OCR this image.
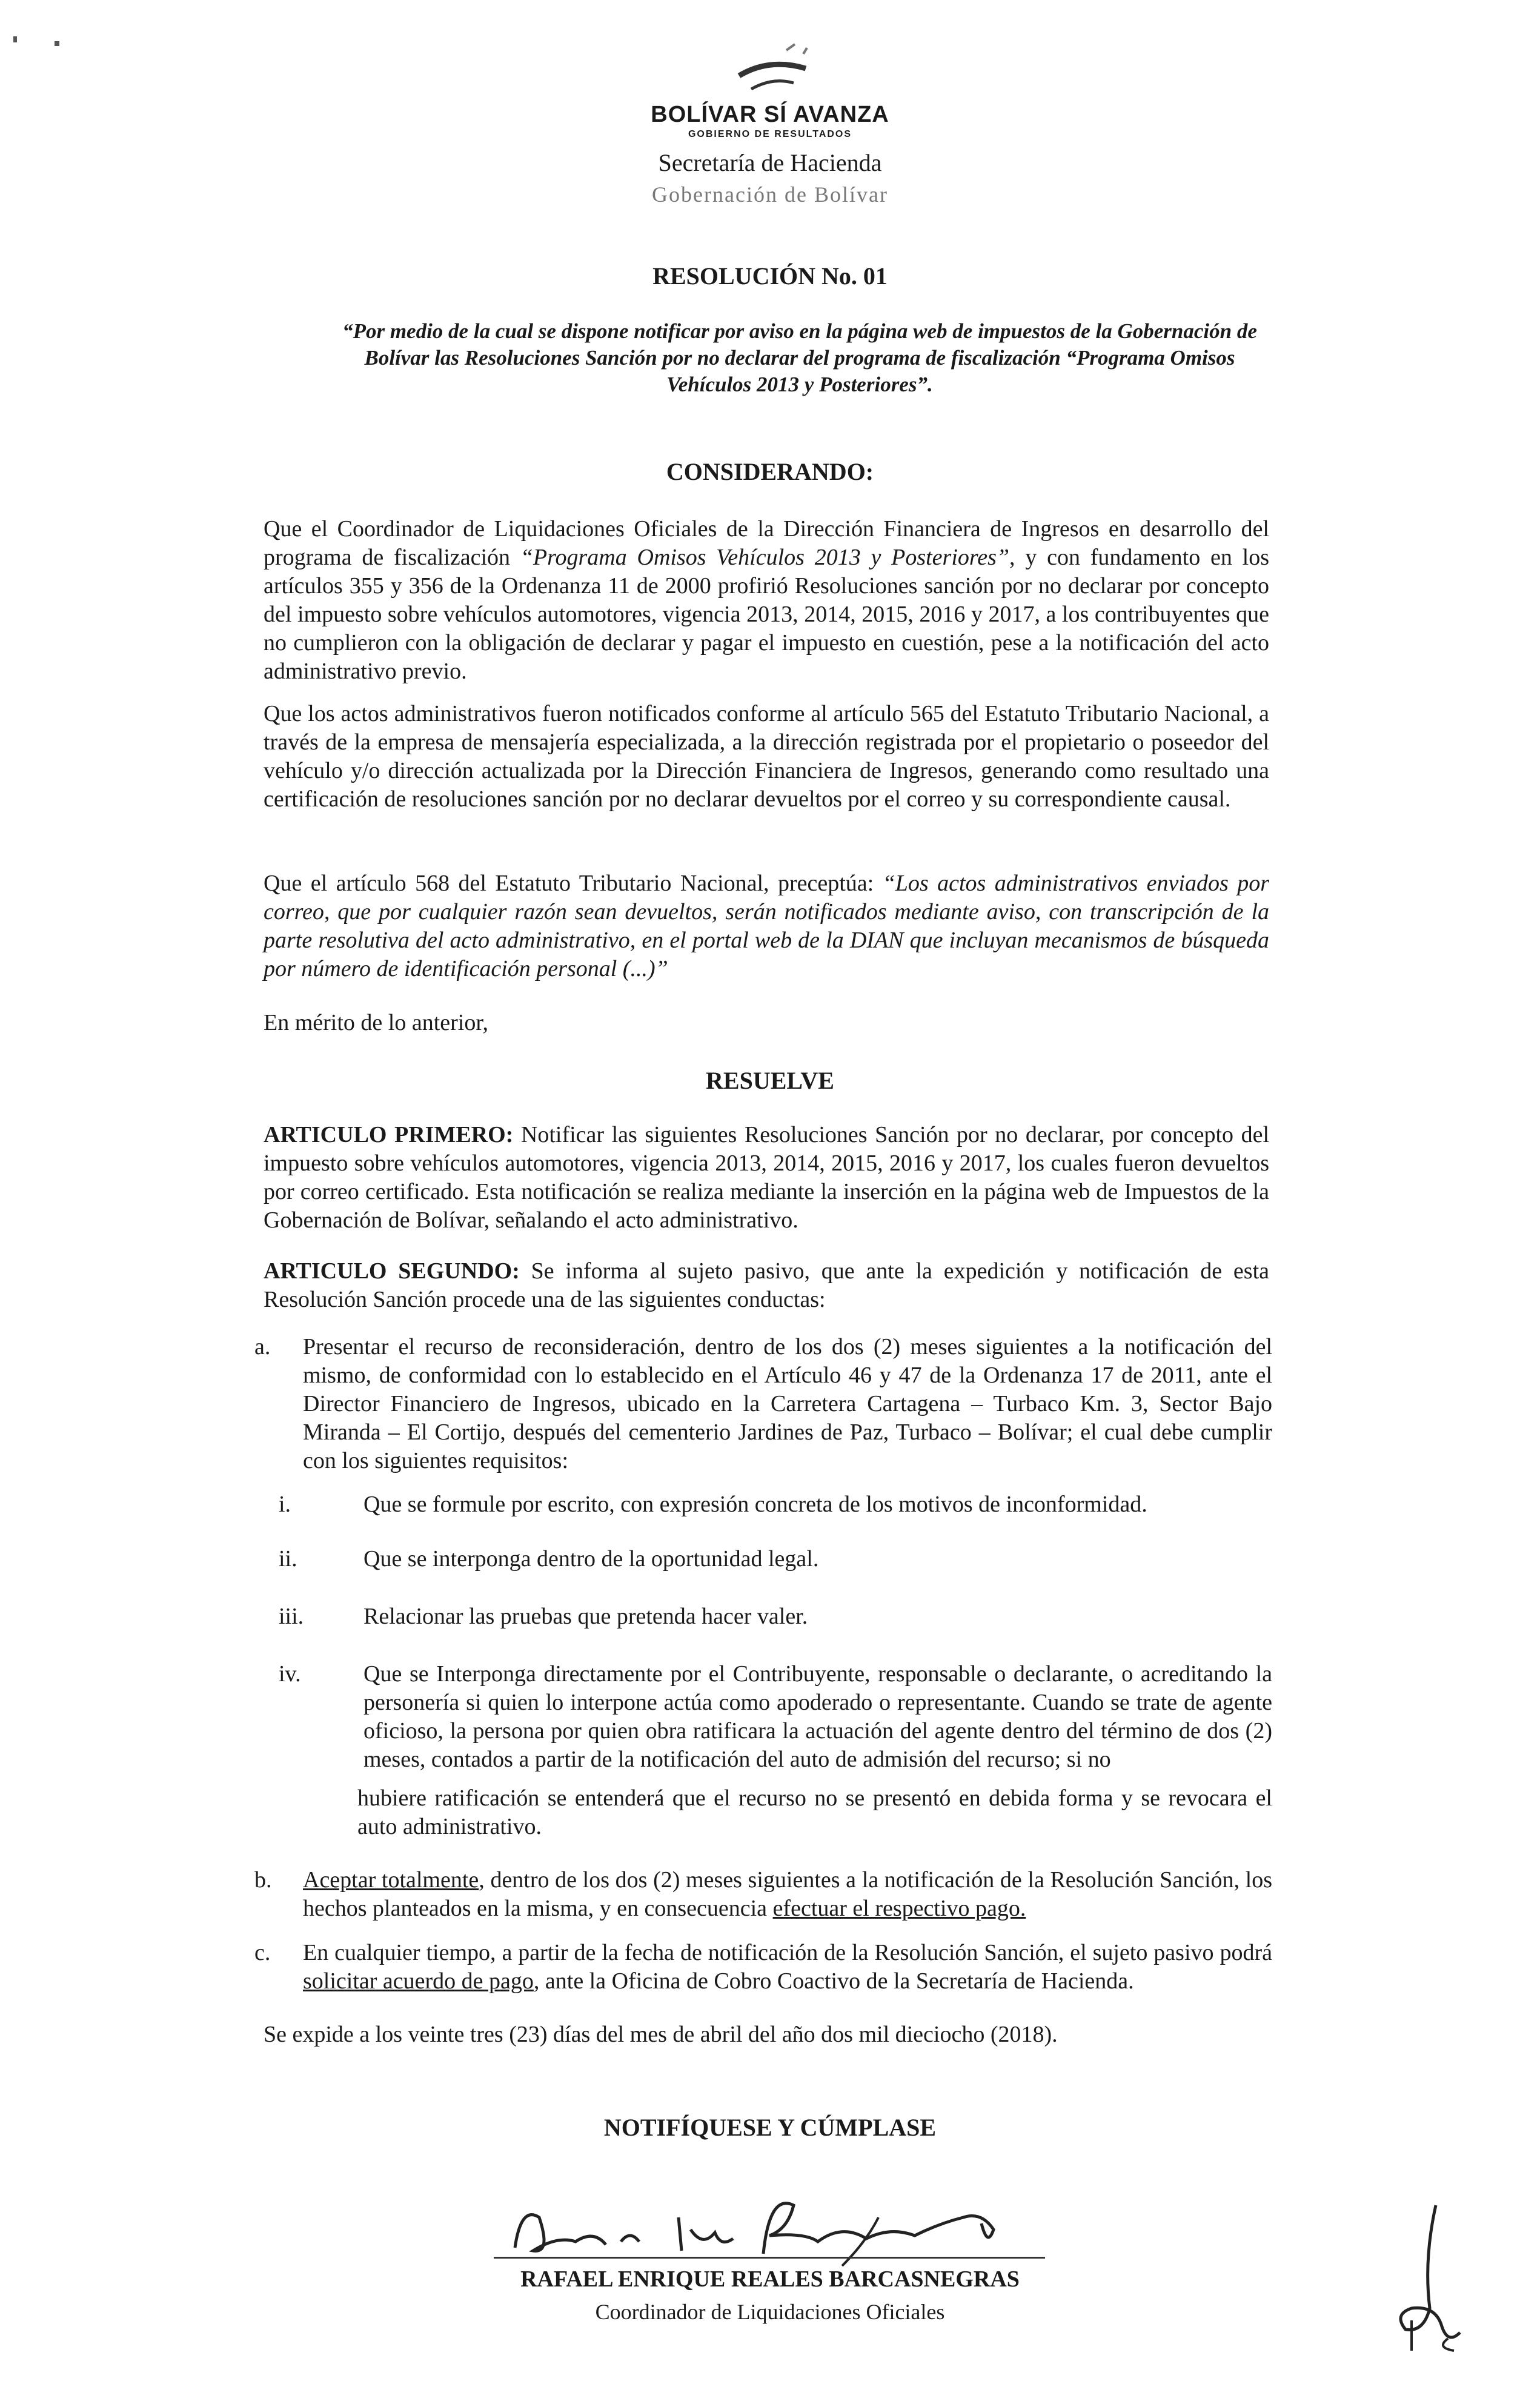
BOLÍVAR SÍ AVANZA
GOBIERNO DE RESULTADOS
Secretaría de Hacienda
Gobernación de Bolívar
RESOLUCIÓN No. 01
“Por medio de la cual se dispone notificar por aviso en la página web de impuestos de la Gobernación de Bolívar las Resoluciones Sanción por no declarar del programa de fiscalización “Programa Omisos Vehículos 2013 y Posteriores”.
CONSIDERANDO:
Que el Coordinador de Liquidaciones Oficiales de la Dirección Financiera de Ingresos en desarrollo del programa de fiscalización “Programa Omisos Vehículos 2013 y Posteriores”, y con fundamento en los artículos 355 y 356 de la Ordenanza 11 de 2000 profirió Resoluciones sanción por no declarar por concepto del impuesto sobre vehículos automotores, vigencia 2013, 2014, 2015, 2016 y 2017, a los contribuyentes que no cumplieron con la obligación de declarar y pagar el impuesto en cuestión, pese a la notificación del acto administrativo previo.
Que los actos administrativos fueron notificados conforme al artículo 565 del Estatuto Tributario Nacional, a través de la empresa de mensajería especializada, a la dirección registrada por el propietario o poseedor del vehículo y/o dirección actualizada por la Dirección Financiera de Ingresos, generando como resultado una certificación de resoluciones sanción por no declarar devueltos por el correo y su correspondiente causal.
Que el artículo 568 del Estatuto Tributario Nacional, preceptúa: “Los actos administrativos enviados por correo, que por cualquier razón sean devueltos, serán notificados mediante aviso, con transcripción de la parte resolutiva del acto administrativo, en el portal web de la DIAN que incluyan mecanismos de búsqueda por número de identificación personal (...)”
En mérito de lo anterior,
RESUELVE
ARTICULO PRIMERO: Notificar las siguientes Resoluciones Sanción por no declarar, por concepto del impuesto sobre vehículos automotores, vigencia 2013, 2014, 2015, 2016 y 2017, los cuales fueron devueltos por correo certificado. Esta notificación se realiza mediante la inserción en la página web de Impuestos de la Gobernación de Bolívar, señalando el acto administrativo.
ARTICULO SEGUNDO: Se informa al sujeto pasivo, que ante la expedición y notificación de esta Resolución Sanción procede una de las siguientes conductas:
a. Presentar el recurso de reconsideración, dentro de los dos (2) meses siguientes a la notificación del mismo, de conformidad con lo establecido en el Artículo 46 y 47 de la Ordenanza 17 de 2011, ante el Director Financiero de Ingresos, ubicado en la Carretera Cartagena – Turbaco Km. 3, Sector Bajo Miranda – El Cortijo, después del cementerio Jardines de Paz, Turbaco – Bolívar; el cual debe cumplir con los siguientes requisitos:
i.	Que se formule por escrito, con expresión concreta de los motivos de inconformidad.
ii.	Que se interponga dentro de la oportunidad legal.
iii.	Relacionar las pruebas que pretenda hacer valer.
iv.	Que se Interponga directamente por el Contribuyente, responsable o declarante, o acreditando la personería si quien lo interpone actúa como apoderado o representante. Cuando se trate de agente oficioso, la persona por quien obra ratificara la actuación del agente dentro del término de dos (2) meses, contados a partir de la notificación del auto de admisión del recurso; si no
hubiere ratificación se entenderá que el recurso no se presentó en debida forma y se revocara el auto administrativo.
b. Aceptar totalmente, dentro de los dos (2) meses siguientes a la notificación de la Resolución Sanción, los hechos planteados en la misma, y en consecuencia efectuar el respectivo pago.
c. En cualquier tiempo, a partir de la fecha de notificación de la Resolución Sanción, el sujeto pasivo podrá solicitar acuerdo de pago, ante la Oficina de Cobro Coactivo de la Secretaría de Hacienda.
Se expide a los veinte tres (23) días del mes de abril del año dos mil dieciocho (2018).
NOTIFÍQUESE Y CÚMPLASE
RAFAEL ENRIQUE REALES BARCASNEGRAS
Coordinador de Liquidaciones Oficiales
